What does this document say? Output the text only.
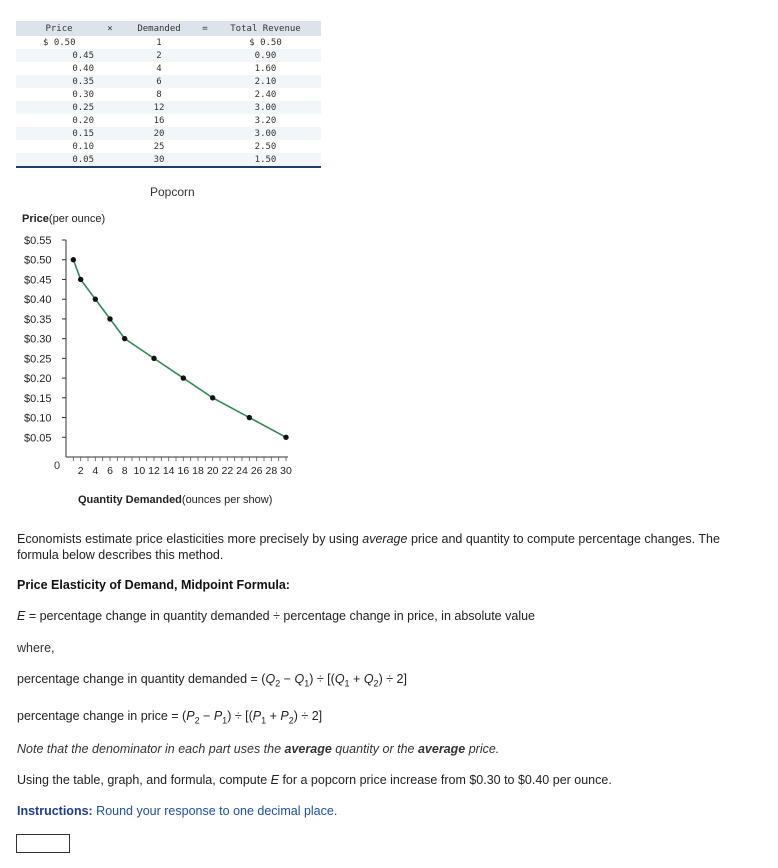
Price	×	Demanded	=	Total Revenue
$ 0.50		1		$ 0.50
0.45		2		0.90
0.40		4		1.60
0.35		6		2.10
0.30		8		2.40
0.25		12		3.00
0.20		16		3.20
0.15		20		3.00
0.10		25		2.50
0.05		30		1.50
Popcorn
Price(per ounce)
$0.55
$0.50
$0.45
$0.40
$0.35
$0.30
$0.25
$0.20
$0.15
$0.10
$0.05
2 4 6 8 10 12 14 16 18 20 22 24 26 28 30
0
Quantity Demanded(ounces per show)
Economists estimate price elasticities more precisely by using average price and quantity to compute percentage changes. The formula below describes this method.
Price Elasticity of Demand, Midpoint Formula:
E = percentage change in quantity demanded ÷ percentage change in price, in absolute value
where,
percentage change in quantity demanded = $(Q_2 - Q_1) \div [(Q_1 + Q_2) \div 2]$
percentage change in price = $(P_2 - P_1) \div [(P_1 + P_2) \div 2]$
Note that the denominator in each part uses the average quantity or the average price.
Using the table, graph, and formula, compute E for a popcorn price increase from $0.30 to $0.40 per ounce.
Instructions: Round your response to one decimal place.
